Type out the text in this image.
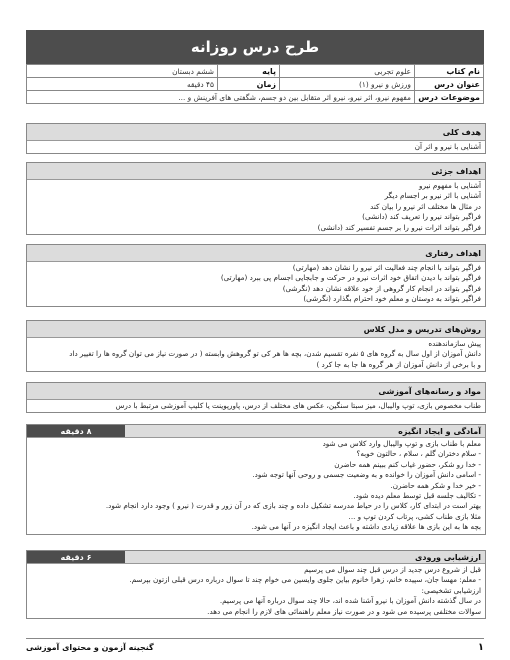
طرح درس روزانه
نام کتاب	علوم تجربی	پایه	ششم دبستان
عنوان درس	ورزش و نیرو (۱)	زمان	۴۵ دقیقه
موضوعات درس	مفهوم نیرو، اثر نیرو، نیرو اثر متقابل بین دو جسم، شگفتی های آفرینش و ...		
هدف کلی
آشنایی با نیرو و اثر آن
اهداف جزئی
آشنایی با مفهوم نیرو
آشنایی با اثر نیرو بر اجسام دیگر
در مثال ها مختلف اثر نیرو را بیان کند
فراگیر بتواند نیرو را تعریف کند (دانشی)
فراگیر بتواند اثرات نیرو را بر جسم تفسیر کند (دانشی)
اهداف رفتاری
فراگیر بتواند با انجام چند فعالیت اثر نیرو را نشان دهد (مهارتی)
فراگیر بتواند با دیدن اتفاق خود اثرات نیرو در حرکت و جابجایی اجسام پی ببرد (مهارتی)
فراگیر بتواند در انجام کار گروهی از خود علاقه نشان دهد (نگرشی)
فراگیر بتواند به دوستان و معلم خود احترام بگذارد (نگرشی)
روش‌های تدریس و مدل کلاس
پیش سازماندهنده
دانش آموزان از اول سال به گروه های ۵ نفره تقسیم شدن، بچه ها هر کی تو گروهش وابسته ( در صورت نیاز می توان گروه ها را تغییر داد
و با برخی از دانش آموزان از هر گروه ها جا به جا کرد )
مواد و رسانه‌های آموزشی
طناب مخصوص بازی، توپ والیبال، میز سبتا سنگین، عکس های مختلف از درس، پاورپوینت یا کلیپ آموزشی مرتبط با درس
آمادگی و ایجاد انگیزه
۸ دقیقه
معلم با طناب بازی و توپ والیبال وارد کلاس می شود
- سلام دختران گلم ، سلام ، حالتون خوبه؟
- خدا رو شکر، حضور غیاب کنم ببینم همه حاضرن
- اسامی دانش آموزان را خوانده و به وضعیت جسمی و روحی آنها توجه شود.
- خیر خدا و شکر همه حاضرن.
- تکالیف جلسه قبل توسط معلم دیده شود.
بهتر است در ابتدای کار، کلاس را در حیاط مدرسه تشکیل داده و چند بازی که در آن زور و قدرت ( نیرو ) وجود دارد انجام شود.
مثلا بازی طناب کشی، پرتاب کردن توپ و ...
بچه ها به این بازی ها علاقه زیادی داشته و باعث ایجاد انگیزه در آنها می شود.
ارزشیابی ورودی
۶ دقیقه
قبل از شروع درس جدید از درس قبل چند سوال می پرسیم
- معلم: مهسا جان، سپیده خانم، زهرا خانوم بیاین جلوی وایسین می خوام چند تا سوال درباره درس قبلی ازتون بپرسم.
ارزشیابی تشخیصی:
در سال گذشته دانش آموزان با نیرو آشنا شده اند، حالا چند سوال درباره آنها می پرسیم.
سوالات مختلفی پرسیده می شود و در صورت نیاز معلم راهنمائی های لازم را انجام می دهد.
۱
گنجینه آزمون و محتوای آموزشی
